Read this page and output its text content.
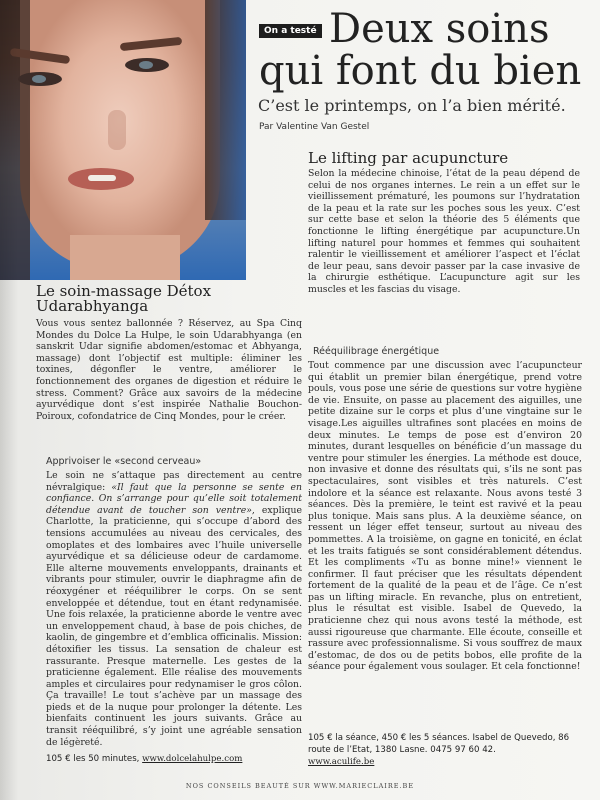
On a testé Deux soins
qui font du bien
C’est le printemps, on l’a bien mérité.
Par Valentine Van Gestel
Le soin-massage Détox Udarabhyanga

Vous vous sentez ballonnée ? Réservez, au Spa Cinq Mondes du Dolce La Hulpe, le soin Udarabhyanga (en sanskrit Udar signifie abdomen/estomac et Abhyanga, massage) dont l’objectif est multiple: éliminer les toxines, dégonfler le ventre, améliorer le fonctionnement des organes de digestion et réduire le stress. Comment? Grâce aux savoirs de la médecine ayurvédique dont s’est inspirée Nathalie Bouchon-Poiroux, cofondatrice de Cinq Mondes, pour le créer.

Apprivoiser le «second cerveau»

Le soin ne s’attaque pas directement au centre névralgique: «Il faut que la personne se sente en confiance. On s’arrange pour qu’elle soit totalement détendue avant de toucher son ventre», explique Charlotte, la praticienne, qui s’occupe d’abord des tensions accumulées au niveau des cervicales, des omoplates et des lombaires avec l’huile universelle ayurvédique et sa délicieuse odeur de cardamome. Elle alterne mouvements enveloppants, drainants et vibrants pour stimuler, ouvrir le diaphragme afin de réoxygéner et rééquilibrer le corps. On se sent enveloppée et détendue, tout en étant redynamisée. Une fois relaxée, la praticienne aborde le ventre avec un enveloppement chaud, à base de pois chiches, de kaolin, de gingembre et d’emblica officinalis. Mission: détoxifier les tissus. La sensation de chaleur est rassurante. Presque maternelle. Les gestes de la praticienne également. Elle réalise des mouvements amples et circulaires pour redynamiser le gros côlon. Ça travaille! Le tout s’achève par un massage des pieds et de la nuque pour prolonger la détente. Les bienfaits continuent les jours suivants. Grâce au transit rééquilibré, s’y joint une agréable sensation de légèreté.

105 € les 50 minutes, www.dolcelahulpe.com
Le lifting par acupuncture

Selon la médecine chinoise, l’état de la peau dépend de celui de nos organes internes. Le rein a un effet sur le vieillissement prématuré, les poumons sur l’hydratation de la peau et la rate sur les poches sous les yeux. C’est sur cette base et selon la théorie des 5 éléments que fonctionne le lifting énergétique par acupuncture.Un lifting naturel pour hommes et femmes qui souhaitent ralentir le vieillissement et améliorer l’aspect et l’éclat de leur peau, sans devoir passer par la case invasive de la chirurgie esthétique. L’acupuncture agit sur les muscles et les fascias du visage.

Rééquilibrage énergétique

Tout commence par une discussion avec l’acupuncteur qui établit un premier bilan énergétique, prend votre pouls, vous pose une série de questions sur votre hygiène de vie. Ensuite, on passe au placement des aiguilles, une petite dizaine sur le corps et plus d’une vingtaine sur le visage.Les aiguilles ultrafines sont placées en moins de deux minutes. Le temps de pose est d’environ 20 minutes, durant lesquelles on bénéficie d’un massage du ventre pour stimuler les énergies. La méthode est douce, non invasive et donne des résultats qui, s’ils ne sont pas spectaculaires, sont visibles et très naturels. C’est indolore et la séance est relaxante. Nous avons testé 3 séances. Dès la première, le teint est ravivé et la peau plus tonique. Mais sans plus. A la deuxième séance, on ressent un léger effet tenseur, surtout au niveau des pommettes. A la troisième, on gagne en tonicité, en éclat et les traits fatigués se sont considérablement détendus. Et les compliments «Tu as bonne mine!» viennent le confirmer. Il faut préciser que les résultats dépendent fortement de la qualité de la peau et de l’âge. Ce n’est pas un lifting miracle. En revanche, plus on entretient, plus le résultat est visible. Isabel de Quevedo, la praticienne chez qui nous avons testé la méthode, est aussi rigoureuse que charmante. Elle écoute, conseille et rassure avec professionnalisme. Si vous souffrez de maux d’estomac, de dos ou de petits bobos, elle profite de la séance pour également vous soulager. Et cela fonctionne!

105 € la séance, 450 € les 5 séances. Isabel de Quevedo, 86 route de l’Etat, 1380 Lasne. 0475 97 60 42.
www.aculife.be
NOS CONSEILS BEAUTÉ SUR WWW.MARIECLAIRE.BE
